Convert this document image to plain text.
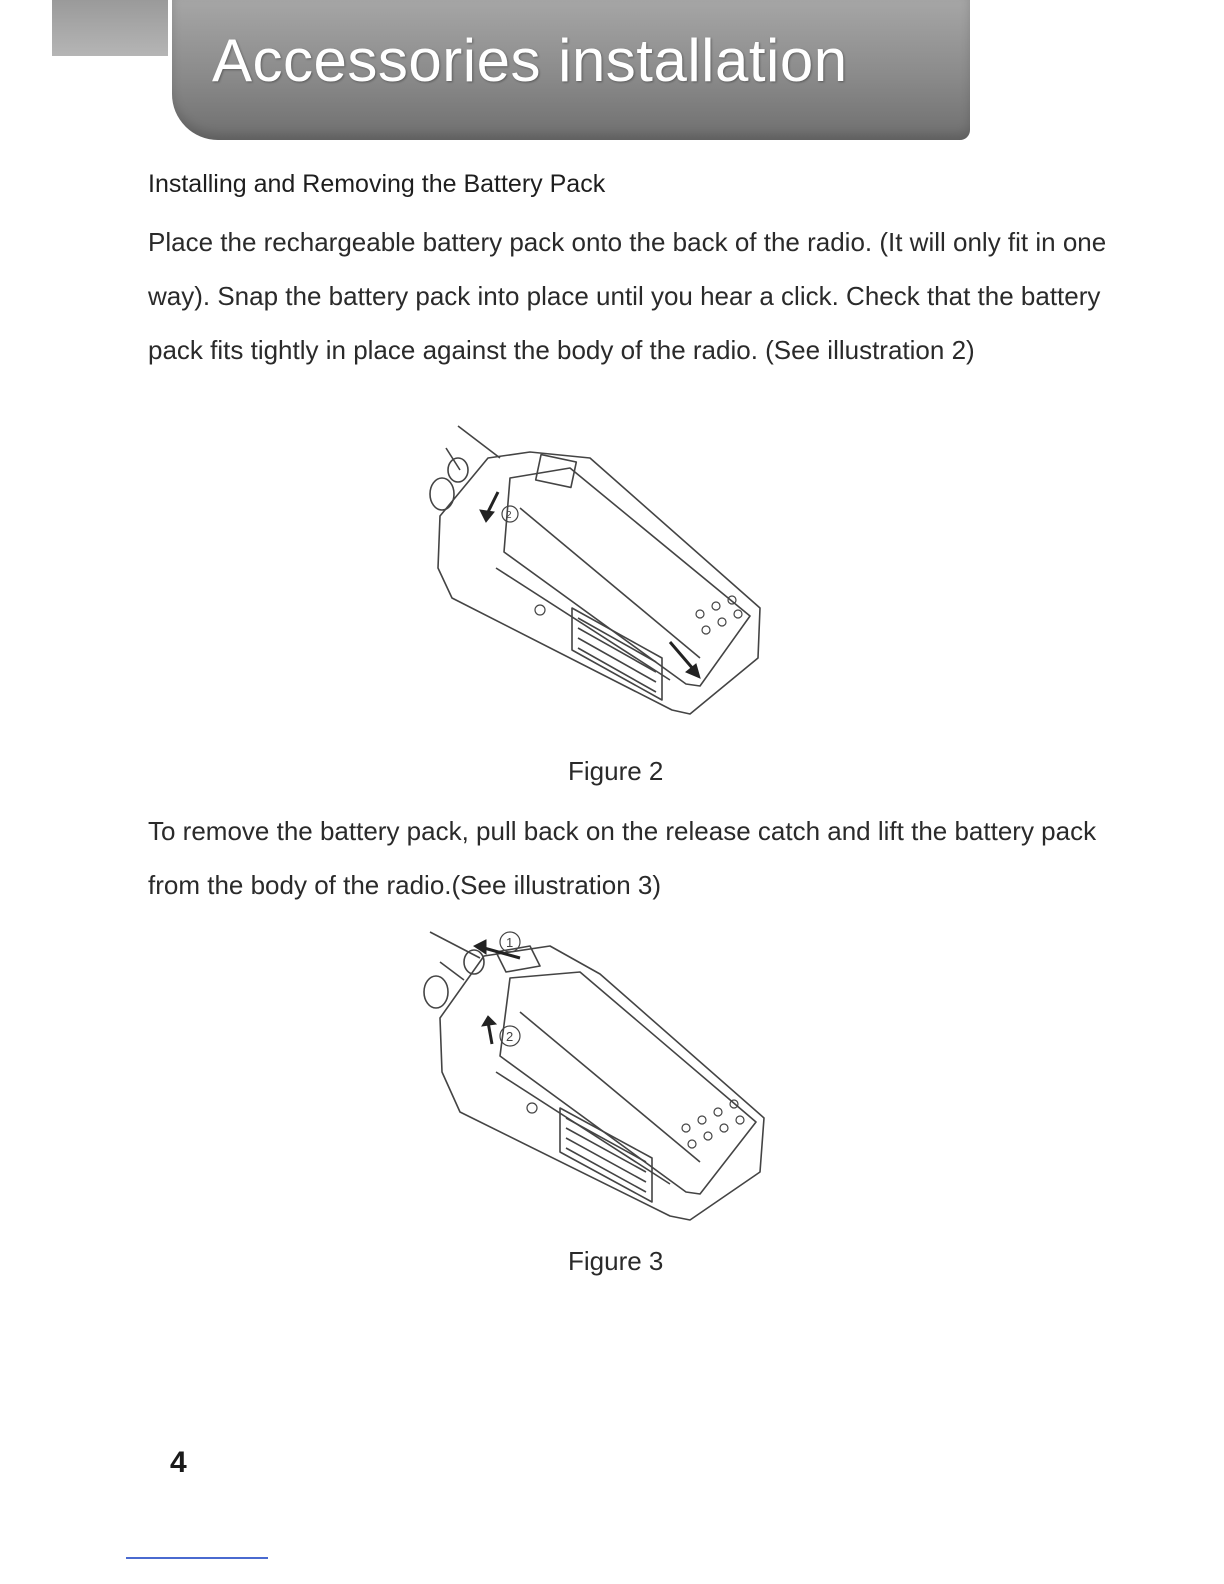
Accessories installation
Installing and Removing the Battery Pack

Place the rechargeable battery pack onto the back of the radio. (It will only fit in one way). Snap the battery pack into place until you hear a click. Check that the battery pack fits tightly in place against the body of the radio. (See illustration 2)

2
Figure 2

To remove the battery pack, pull back on the release catch and lift the battery pack from the body of the radio.(See illustration 3)

1
2
Figure 3
4
